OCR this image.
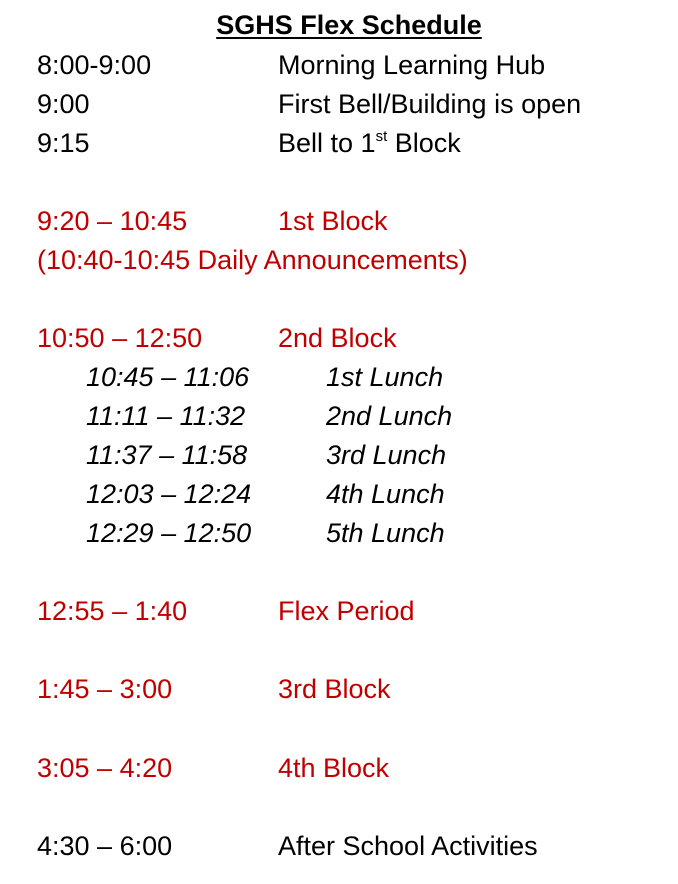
SGHS Flex Schedule
8:00-9:00	Morning Learning Hub
9:00	First Bell/Building is open
9:15	Bell to 1st Block
9:20 – 10:45	1st Block
(10:40-10:45 Daily Announcements)
10:50 – 12:50	2nd Block
10:45 – 11:06	1st Lunch
11:11 – 11:32	2nd Lunch
11:37 – 11:58	3rd Lunch
12:03 – 12:24	4th Lunch
12:29 – 12:50	5th Lunch
12:55 – 1:40	Flex Period
1:45 – 3:00	3rd Block
3:05 – 4:20	4th Block
4:30 – 6:00	After School Activities
